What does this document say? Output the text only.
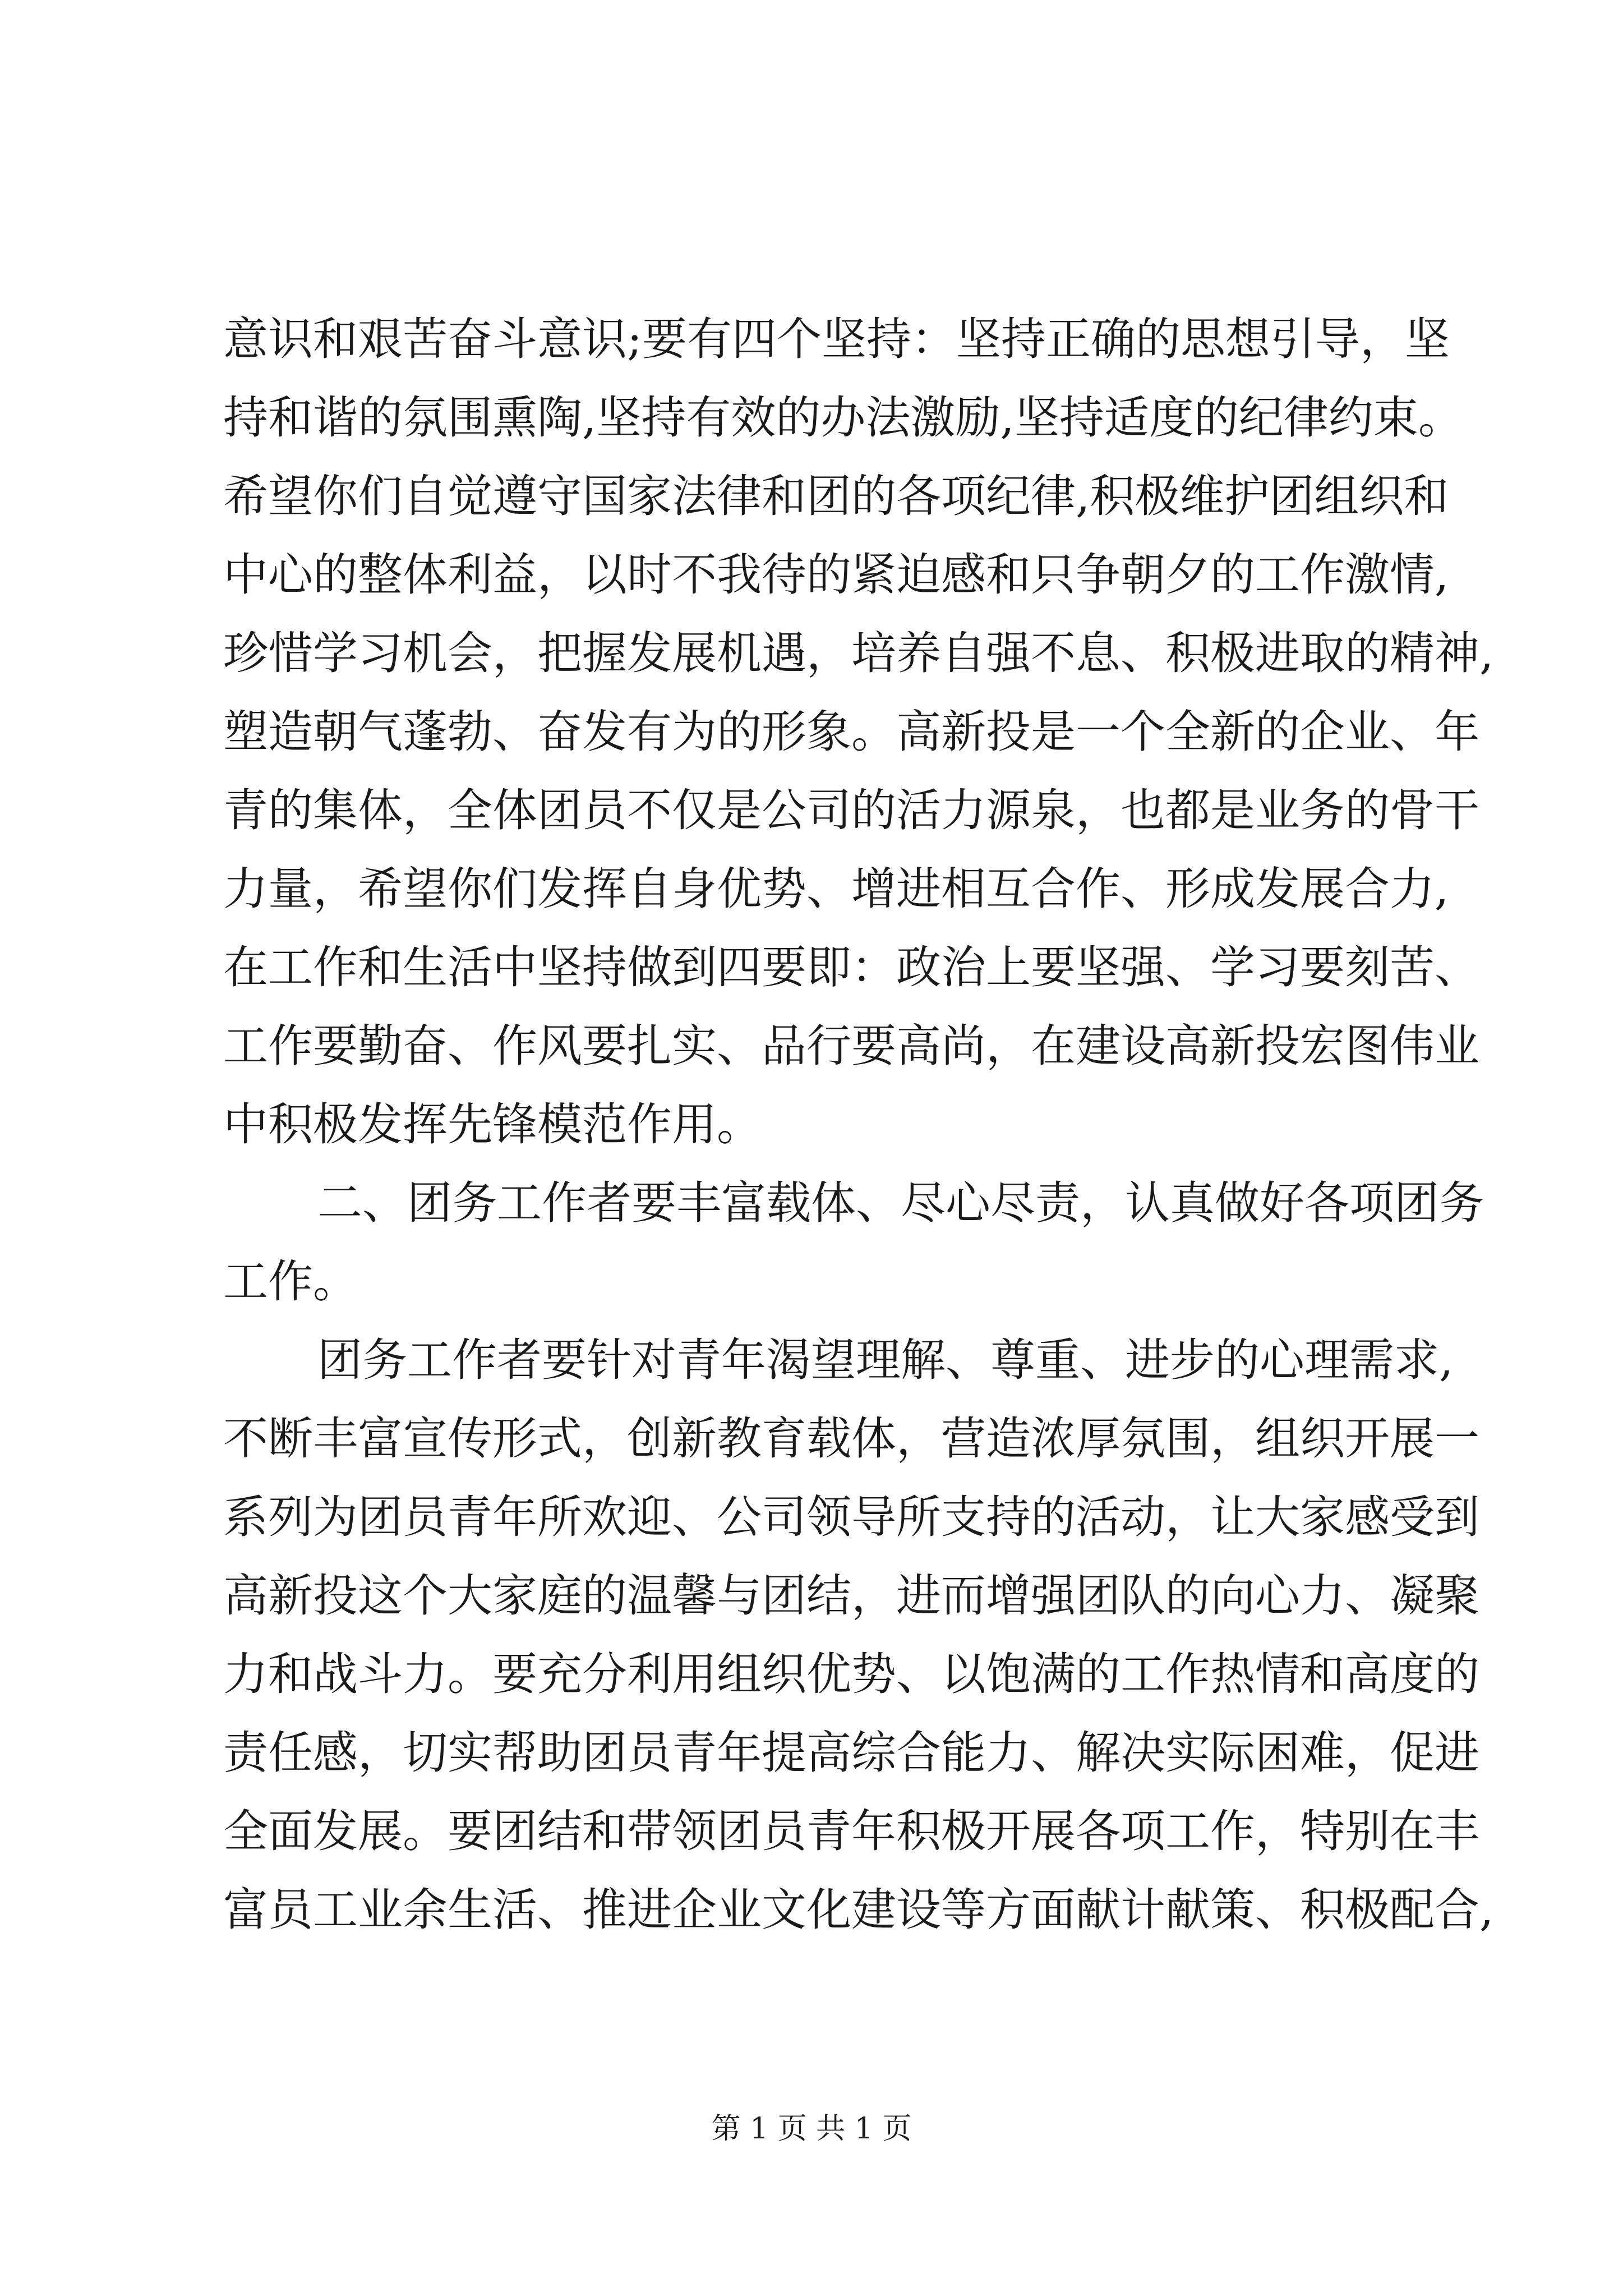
意识和艰苦奋斗意识;要有四个坚持：坚持正确的思想引导，坚
持和谐的氛围熏陶,坚持有效的办法激励,坚持适度的纪律约束。
希望你们自觉遵守国家法律和团的各项纪律,积极维护团组织和
中心的整体利益，以时不我待的紧迫感和只争朝夕的工作激情,
珍惜学习机会，把握发展机遇，培养自强不息、积极进取的精神,
塑造朝气蓬勃、奋发有为的形象。高新投是一个全新的企业、年
青的集体，全体团员不仅是公司的活力源泉，也都是业务的骨干
力量，希望你们发挥自身优势、增进相互合作、形成发展合力,
在工作和生活中坚持做到四要即：政治上要坚强、学习要刻苦、
工作要勤奋、作风要扎实、品行要高尚，在建设高新投宏图伟业
中积极发挥先锋模范作用。
二、团务工作者要丰富载体、尽心尽责，认真做好各项团务
工作。
团务工作者要针对青年渴望理解、尊重、进步的心理需求,
不断丰富宣传形式，创新教育载体，营造浓厚氛围，组织开展一
系列为团员青年所欢迎、公司领导所支持的活动，让大家感受到
高新投这个大家庭的温馨与团结，进而增强团队的向心力、凝聚
力和战斗力。要充分利用组织优势、以饱满的工作热情和高度的
责任感，切实帮助团员青年提高综合能力、解决实际困难，促进
全面发展。要团结和带领团员青年积极开展各项工作，特别在丰
富员工业余生活、推进企业文化建设等方面献计献策、积极配合,
第 1 页 共 1 页
